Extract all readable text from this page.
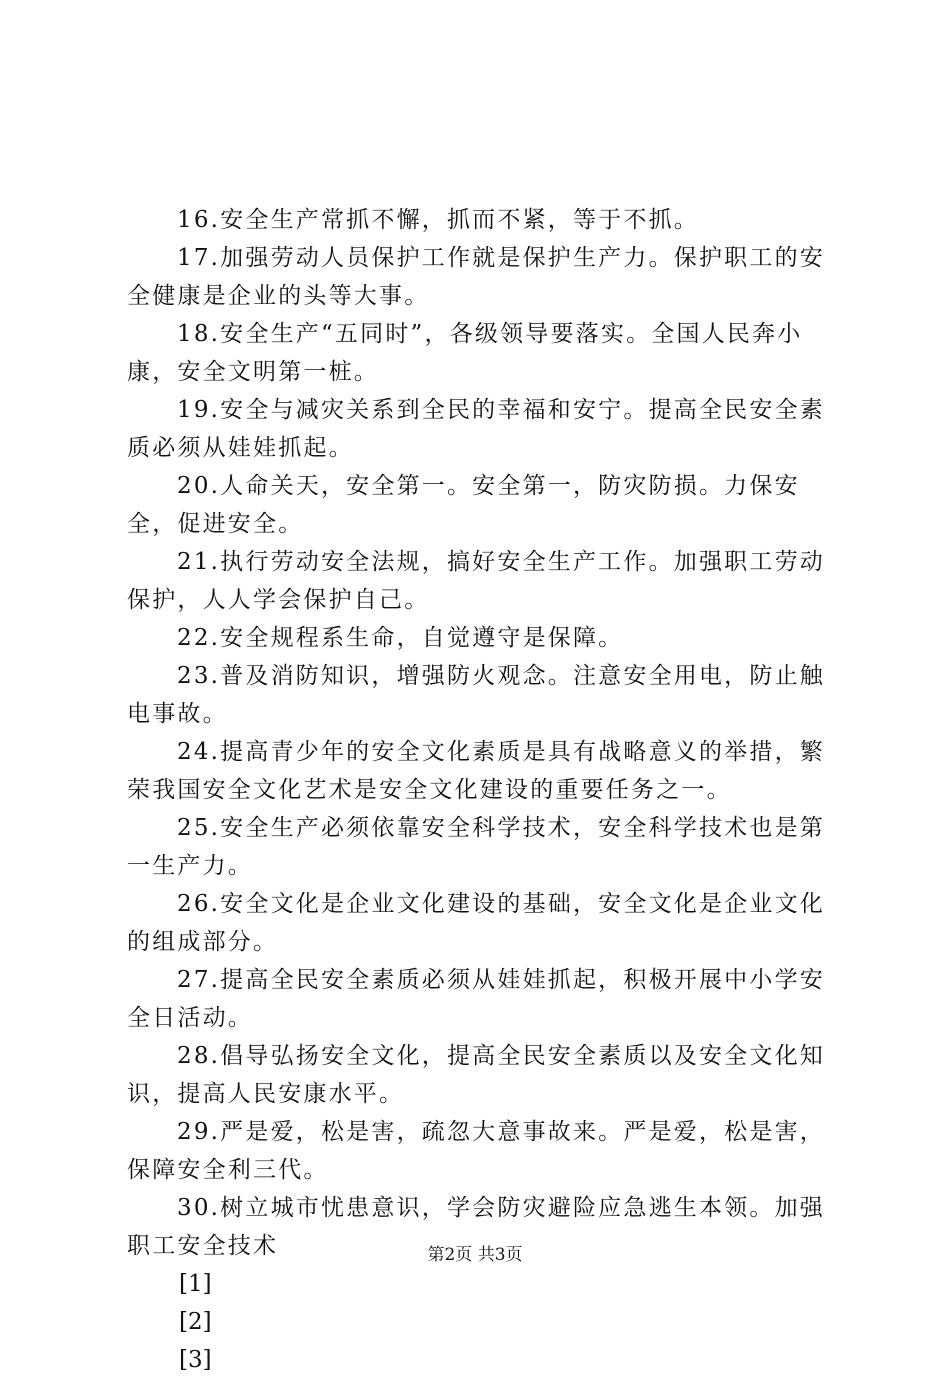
16.安全生产常抓不懈，抓而不紧，等于不抓。

17.加强劳动人员保护工作就是保护生产力。保护职工的安全健康是企业的头等大事。

18.安全生产“五同时”，各级领导要落实。全国人民奔小康，安全文明第一桩。

19.安全与减灾关系到全民的幸福和安宁。提高全民安全素质必须从娃娃抓起。

20.人命关天，安全第一。安全第一，防灾防损。力保安全，促进安全。

21.执行劳动安全法规，搞好安全生产工作。加强职工劳动保护，人人学会保护自己。

22.安全规程系生命，自觉遵守是保障。

23.普及消防知识，增强防火观念。注意安全用电，防止触电事故。

24.提高青少年的安全文化素质是具有战略意义的举措，繁荣我国安全文化艺术是安全文化建设的重要任务之一。

25.安全生产必须依靠安全科学技术，安全科学技术也是第一生产力。

26.安全文化是企业文化建设的基础，安全文化是企业文化的组成部分。

27.提高全民安全素质必须从娃娃抓起，积极开展中小学安全日活动。

28.倡导弘扬安全文化，提高全民安全素质以及安全文化知识，提高人民安康水平。

29.严是爱，松是害，疏忽大意事故来。严是爱，松是害，保障安全利三代。

30.树立城市忧患意识，学会防灾避险应急逃生本领。加强职工安全技术

[1]

[2]

[3]

第2页 共3页
